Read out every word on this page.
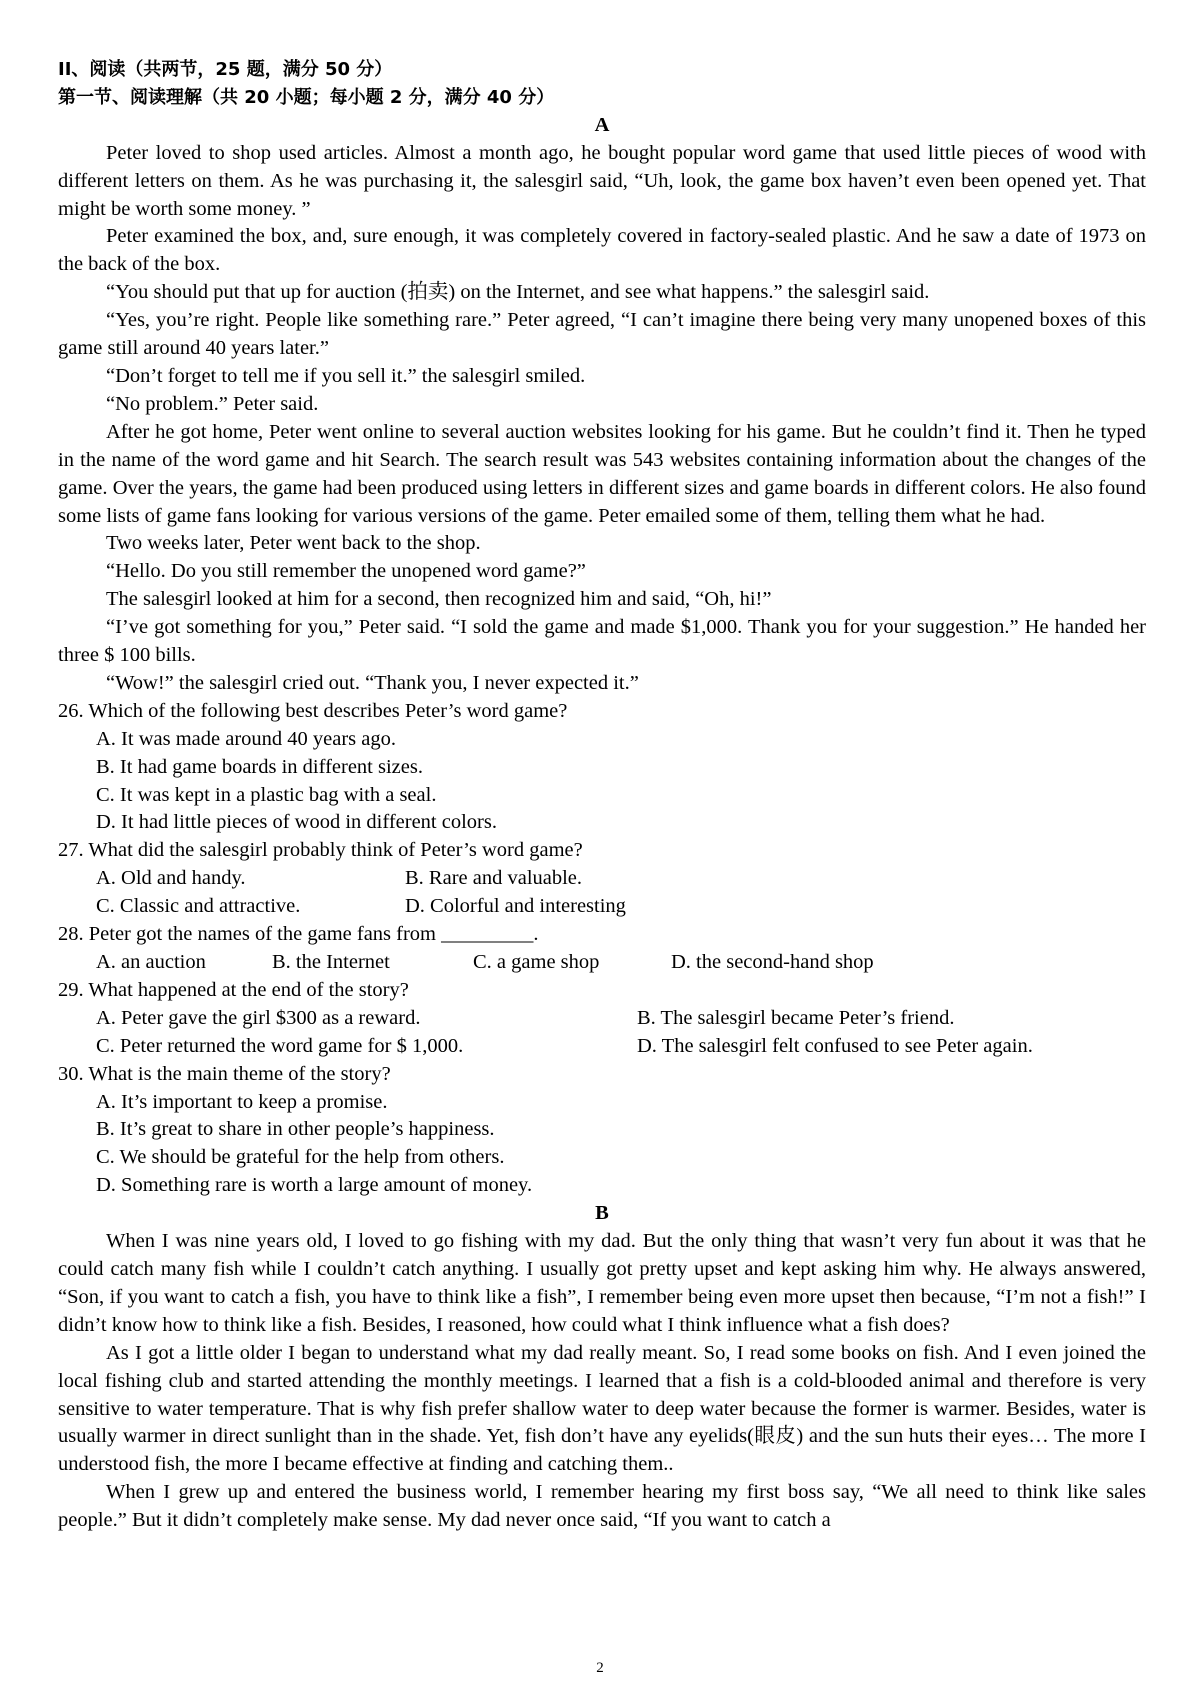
II、阅读（共两节，25 题，满分 50 分）

第一节、阅读理解（共 20 小题；每小题 2 分，满分 40 分）

A

Peter loved to shop used articles. Almost a month ago, he bought popular word game that used little pieces of wood with different letters on them. As he was purchasing it, the salesgirl said, “Uh, look, the game box haven’t even been opened yet. That might be worth some money. ”

Peter examined the box, and, sure enough, it was completely covered in factory-sealed plastic. And he saw a date of 1973 on the back of the box.

“You should put that up for auction (拍卖) on the Internet, and see what happens.” the salesgirl said.

“Yes, you’re right. People like something rare.” Peter agreed, “I can’t imagine there being very many unopened boxes of this game still around 40 years later.”

“Don’t forget to tell me if you sell it.” the salesgirl smiled.

“No problem.” Peter said.

After he got home, Peter went online to several auction websites looking for his game. But he couldn’t find it. Then he typed in the name of the word game and hit Search. The search result was 543 websites containing information about the changes of the game. Over the years, the game had been produced using letters in different sizes and game boards in different colors. He also found some lists of game fans looking for various versions of the game. Peter emailed some of them, telling them what he had.

Two weeks later, Peter went back to the shop.

“Hello. Do you still remember the unopened word game?”

The salesgirl looked at him for a second, then recognized him and said, “Oh, hi!”

“I’ve got something for you,” Peter said. “I sold the game and made $1,000. Thank you for your suggestion.” He handed her three $ 100 bills.

“Wow!” the salesgirl cried out. “Thank you, I never expected it.”

26. Which of the following best describes Peter’s word game?

A. It was made around 40 years ago.

B. It had game boards in different sizes.

C. It was kept in a plastic bag with a seal.

D. It had little pieces of wood in different colors.

27. What did the salesgirl probably think of Peter’s word game?

A. Old and handy.	B. Rare and valuable.
C. Classic and attractive.	D. Colorful and interesting

28. Peter got the names of the game fans from _________.

A. an auction	B. the Internet	C. a game shop	D. the second-hand shop

29. What happened at the end of the story?

A. Peter gave the girl $300 as a reward.	B. The salesgirl became Peter’s friend.
C. Peter returned the word game for $ 1,000.	D. The salesgirl felt confused to see Peter again.

30. What is the main theme of the story?

A. It’s important to keep a promise.

B. It’s great to share in other people’s happiness.

C. We should be grateful for the help from others.

D. Something rare is worth a large amount of money.

B

When I was nine years old, I loved to go fishing with my dad. But the only thing that wasn’t very fun about it was that he could catch many fish while I couldn’t catch anything. I usually got pretty upset and kept asking him why. He always answered, “Son, if you want to catch a fish, you have to think like a fish”, I remember being even more upset then because, “I’m not a fish!” I didn’t know how to think like a fish. Besides, I reasoned, how could what I think influence what a fish does?

As I got a little older I began to understand what my dad really meant. So, I read some books on fish. And I even joined the local fishing club and started attending the monthly meetings. I learned that a fish is a cold-blooded animal and therefore is very sensitive to water temperature. That is why fish prefer shallow water to deep water because the former is warmer. Besides, water is usually warmer in direct sunlight than in the shade. Yet, fish don’t have any eyelids(眼皮) and the sun huts their eyes… The more I understood fish, the more I became effective at finding and catching them..

When I grew up and entered the business world, I remember hearing my first boss say, “We all need to think like sales people.” But it didn’t completely make sense. My dad never once said, “If you want to catch a

2
